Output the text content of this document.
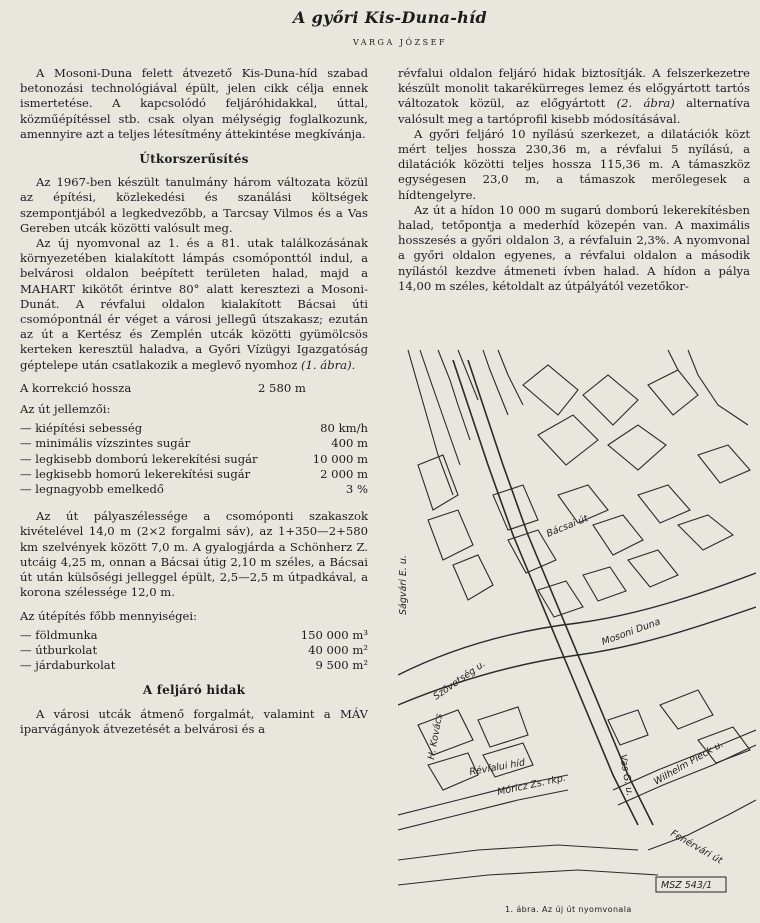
A győri Kis-Duna-híd
VARGA JÓZSEF

A Mosoni-Duna felett átvezető Kis-Duna-híd szabad betonozási technológiával épült, jelen cikk célja ennek ismertetése. A kapcsolódó feljáróhidakkal, úttal, közműépítéssel stb. csak olyan mélységig foglalkozunk, amennyire azt a teljes létesítmény áttekintése megkívánja.

Útkorszerűsítés

Az 1967-ben készült tanulmány három változata közül az építési, közlekedési és szanálási költségek szempontjából a legkedvezőbb, a Tarcsay Vilmos és a Vas Gereben utcák közötti valósult meg.

Az új nyomvonal az 1. és a 81. utak találkozásának környezetében kialakított lámpás csomóponttól indul, a belvárosi oldalon beépített területen halad, majd a MAHART kikötőt érintve 80° alatt keresztezi a Mosoni-Dunát. A révfalui oldalon kialakított Bácsai úti csomópontnál ér véget a városi jellegű útszakasz; ezután az út a Kertész és Zemplén utcák közötti gyümölcsös kerteken keresztül haladva, a Győri Vízügyi Igazgatóság géptelepe után csatlakozik a meglevő nyomhoz (1. ábra).

A korrekció hossza	2 580 m
Az út jellemzői:
— kiépítési sebesség	80 km/h
— minimális vízszintes sugár	400 m
— legkisebb domború lekerekítési sugár	10 000 m
— legkisebb homorú lekerekítési sugár	2 000 m
— legnagyobb emelkedő	3 %

Az út pályaszélessége a csomóponti szakaszok kivételével 14,0 m (2×2 forgalmi sáv), az 1+350—2+580 km szelvények között 7,0 m. A gyalogjárda a Schönherz Z. utcáig 4,25 m, onnan a Bácsai útig 2,10 m széles, a Bácsai út után külsőségi jelleggel épült, 2,5—2,5 m útpadkával, a korona szélessége 12,0 m.

Az útépítés főbb mennyiségei:
— földmunka	150 000 m³
— útburkolat	40 000 m²
— járdaburkolat	9 500 m²
A feljáró hidak

A városi utcák átmenő forgalmát, valamint a MÁV iparvágányok átvezetését a belvárosi és a

révfalui oldalon feljáró hidak biztosítják. A felszerkezetre készült monolit takarékürreges lemez és előgyártott tartós változatok közül, az előgyártott (2. ábra) alternatíva valósult meg a tartóprofil kisebb módosításával.

A győri feljáró 10 nyílású szerkezet, a dilatációk közt mért teljes hossza 230,36 m, a révfalui 5 nyílású, a dilatációk közötti teljes hossza 115,36 m. A támaszköz egységesen 23,0 m, a támaszok merőlegesek a hídtengelyre.

Az út a hídon 10 000 m sugarú domború lekerekítésben halad, tetőpontja a mederhíd közepén van. A maximális hosszesés a győri oldalon 3, a révfaluin 2,3%. A nyomvonal a győri oldalon egyenes, a révfalui oldalon a második nyílástól kezdve átmeneti ívben halad. A hídon a pálya 14,00 m széles, kétoldalt az útpályától vezetőkor-

Bácsai út
Ságvári E. u.
Mosoni Duna
Szövetség u.
H. Kovács
Révfalui híd	Vas G. u.
Móricz Zs. rkp.	Wilhelm Pieck u.
Fehérvári út
MSZ 543/1
1. ábra. Az új út nyomvonala
